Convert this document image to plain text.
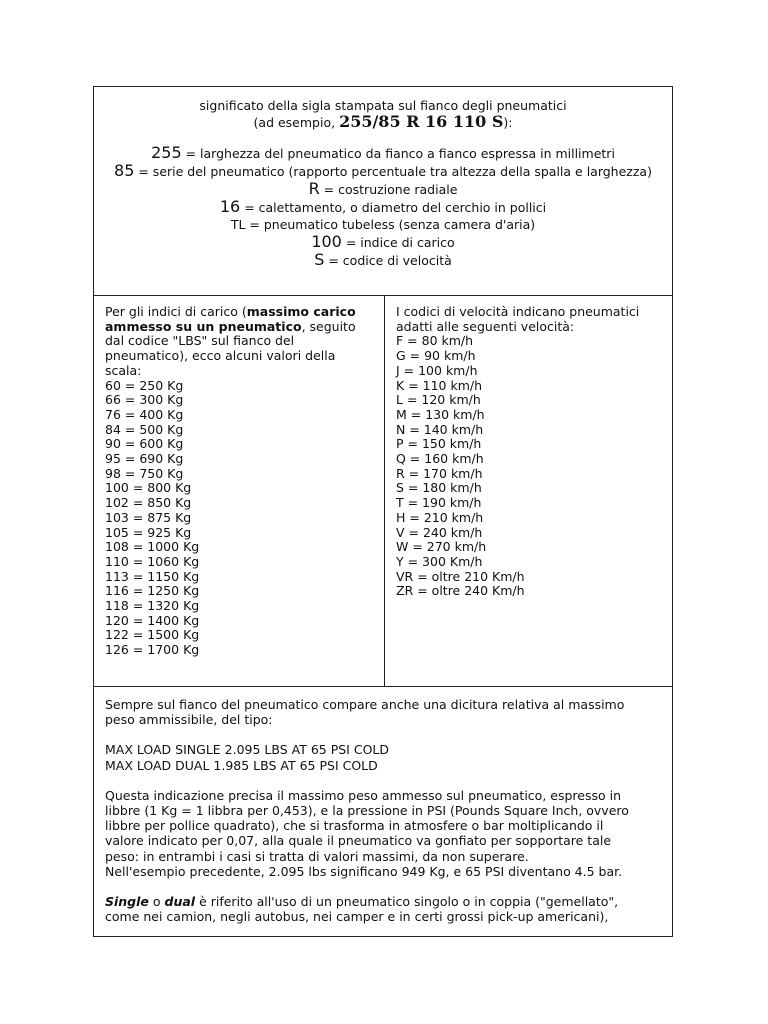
significato della sigla stampata sul fianco degli pneumatici
(ad esempio, 255/85 R 16 110 S):
255 = larghezza del pneumatico da fianco a fianco espressa in millimetri
85 = serie del pneumatico (rapporto percentuale tra altezza della spalla e larghezza)
R = costruzione radiale
16 = calettamento, o diametro del cerchio in pollici
TL = pneumatico tubeless (senza camera d'aria)
100 = indice di carico
S = codice di velocità
Per gli indici di carico (massimo carico
ammesso su un pneumatico, seguito
dal codice "LBS" sul fianco del
pneumatico), ecco alcuni valori della
scala:
60 = 250 Kg
66 = 300 Kg
76 = 400 Kg
84 = 500 Kg
90 = 600 Kg
95 = 690 Kg
98 = 750 Kg
100 = 800 Kg
102 = 850 Kg
103 = 875 Kg
105 = 925 Kg
108 = 1000 Kg
110 = 1060 Kg
113 = 1150 Kg
116 = 1250 Kg
118 = 1320 Kg
120 = 1400 Kg
122 = 1500 Kg
126 = 1700 Kg
I codici di velocità indicano pneumatici
adatti alle seguenti velocità:
F = 80 km/h
G = 90 km/h
J = 100 km/h
K = 110 km/h
L = 120 km/h
M = 130 km/h
N = 140 km/h
P = 150 km/h
Q = 160 km/h
R = 170 km/h
S = 180 km/h
T = 190 km/h
H = 210 km/h
V = 240 km/h
W = 270 km/h
Y = 300 Km/h
VR = oltre 210 Km/h
ZR = oltre 240 Km/h

Sempre sul fianco del pneumatico compare anche una dicitura relativa al massimo

peso ammissibile, del tipo:

MAX LOAD SINGLE 2.095 LBS AT 65 PSI COLD

MAX LOAD DUAL 1.985 LBS AT 65 PSI COLD

Questa indicazione precisa il massimo peso ammesso sul pneumatico, espresso in

libbre (1 Kg = 1 libbra per 0,453), e la pressione in PSI (Pounds Square Inch, ovvero

libbre per pollice quadrato), che si trasforma in atmosfere o bar moltiplicando il

valore indicato per 0,07, alla quale il pneumatico va gonfiato per sopportare tale

peso: in entrambi i casi si tratta di valori massimi, da non superare.

Nell'esempio precedente, 2.095 lbs significano 949 Kg, e 65 PSI diventano 4.5 bar.

Single o dual è riferito all'uso di un pneumatico singolo o in coppia ("gemellato",

come nei camion, negli autobus, nei camper e in certi grossi pick-up americani),
